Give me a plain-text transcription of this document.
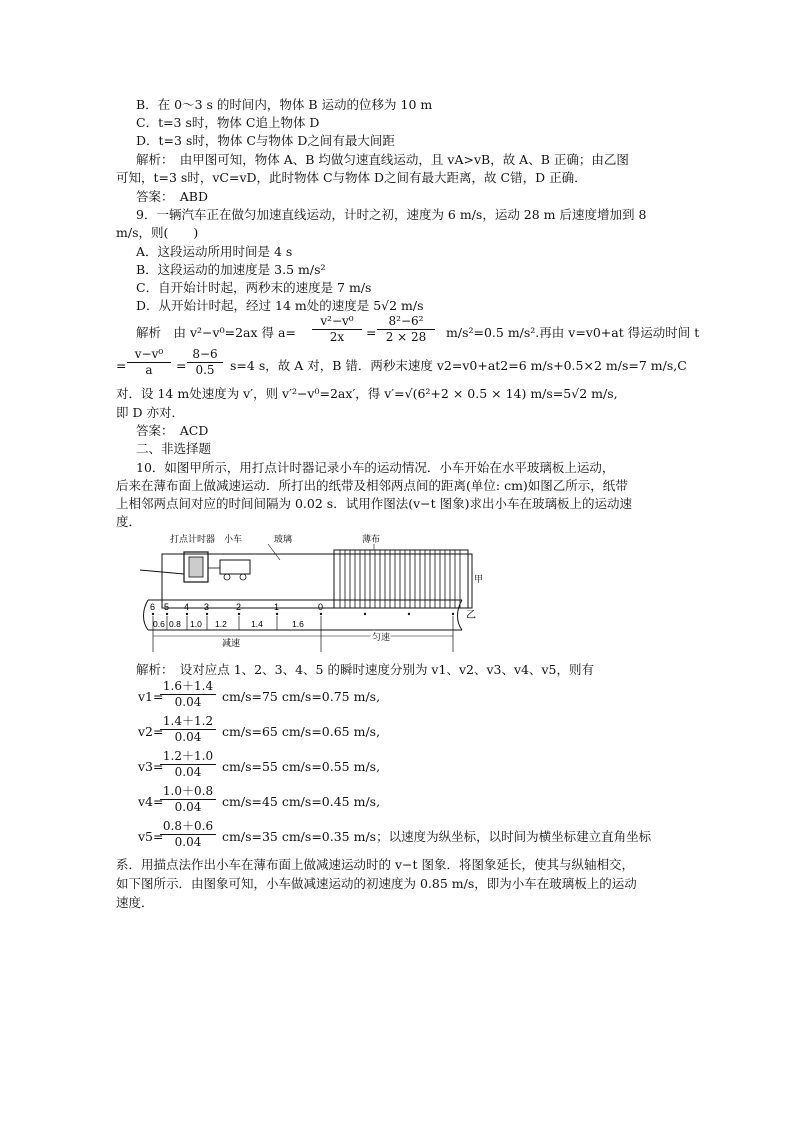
B．在 0～3 s 的时间内，物体 B 运动的位移为 10 m
C．t=3 s时，物体 C追上物体 D
D．t=3 s时，物体 C与物体 D之间有最大间距
解析：　由甲图可知，物体 A、B 均做匀速直线运动，且 vA>vB，故 A、B 正确；由乙图
可知，t=3 s时，vC=vD，此时物体 C与物体 D之间有最大距离，故 C错，D 正确．
答案：　ABD
9．一辆汽车正在做匀加速直线运动，计时之初，速度为 6 m/s，运动 28 m 后速度增加到 8
m/s，则(　　)
A．这段运动所用时间是 4 s
B．这段运动的加速度是 3.5 m/s²
C．自开始计时起，两秒末的速度是 7 m/s
D．从开始计时起，经过 14 m处的速度是 5√2 m/s
解析　由 v²−v⁰=2ax 得 $a= \frac{\text{v²−v⁰}}{2x} = \frac{\text{8²−6²}}{2 \times 28} m/s^2=0.5$ m/s².再由 v=v0+at 得运动时间 t
= $\frac{\text{v−v⁰}}{a} = \frac{8-6}{0.5} s=4$ s，故 A 对，B 错．两秒末速度 v2=v0+at2=6 m/s+0.5×2 m/s=7 m/s,C
对．设 14 m处速度为 v′，则 v′²−v⁰=2ax′，得 v′=√(6²+2 × 0.5 × 14) m/s=5√2 m/s,
即 D 亦对．
答案：　ACD
二、非选择题
10．如图甲所示，用打点计时器记录小车的运动情况．小车开始在水平玻璃板上运动，
后来在薄布面上做减速运动．所打出的纸带及相邻两点间的距离(单位: cm)如图乙所示，纸带
上相邻两点间对应的时间间隔为 0.02 s．试用作图法(v−t 图象)求出小车在玻璃板上的运动速
度．
打点计时器 小车	玻璃	薄布
甲
乙
6 5 4 3	2	1	0
0.6 0.8 1.0 1.2	1.4	1.6
减速
匀速
解析：　设对应点 1、2、3、4、5 的瞬时速度分别为 v1、v2、v3、v4、v5，则有
v1=
$\frac{1.6+1.4}{0.04} cm/s=75$ cm/s=0.75 m/s,
v2=
$\frac{1.4+1.2}{0.04} cm/s=65$ cm/s=0.65 m/s,
v3=
$\frac{1.2+1.0}{0.04} cm/s=55$ cm/s=0.55 m/s,
v4=
$\frac{1.0+0.8}{0.04} cm/s=45$ cm/s=0.45 m/s,
v5=
$\frac{0.8+0.6}{0.04} cm/s=35$ cm/s=0.35 m/s；以速度为纵坐标，以时间为横坐标建立直角坐标
系．用描点法作出小车在薄布面上做减速运动时的 v−t 图象．将图象延长，使其与纵轴相交，
如下图所示．由图象可知，小车做减速运动的初速度为 0.85 m/s，即为小车在玻璃板上的运动
速度．
